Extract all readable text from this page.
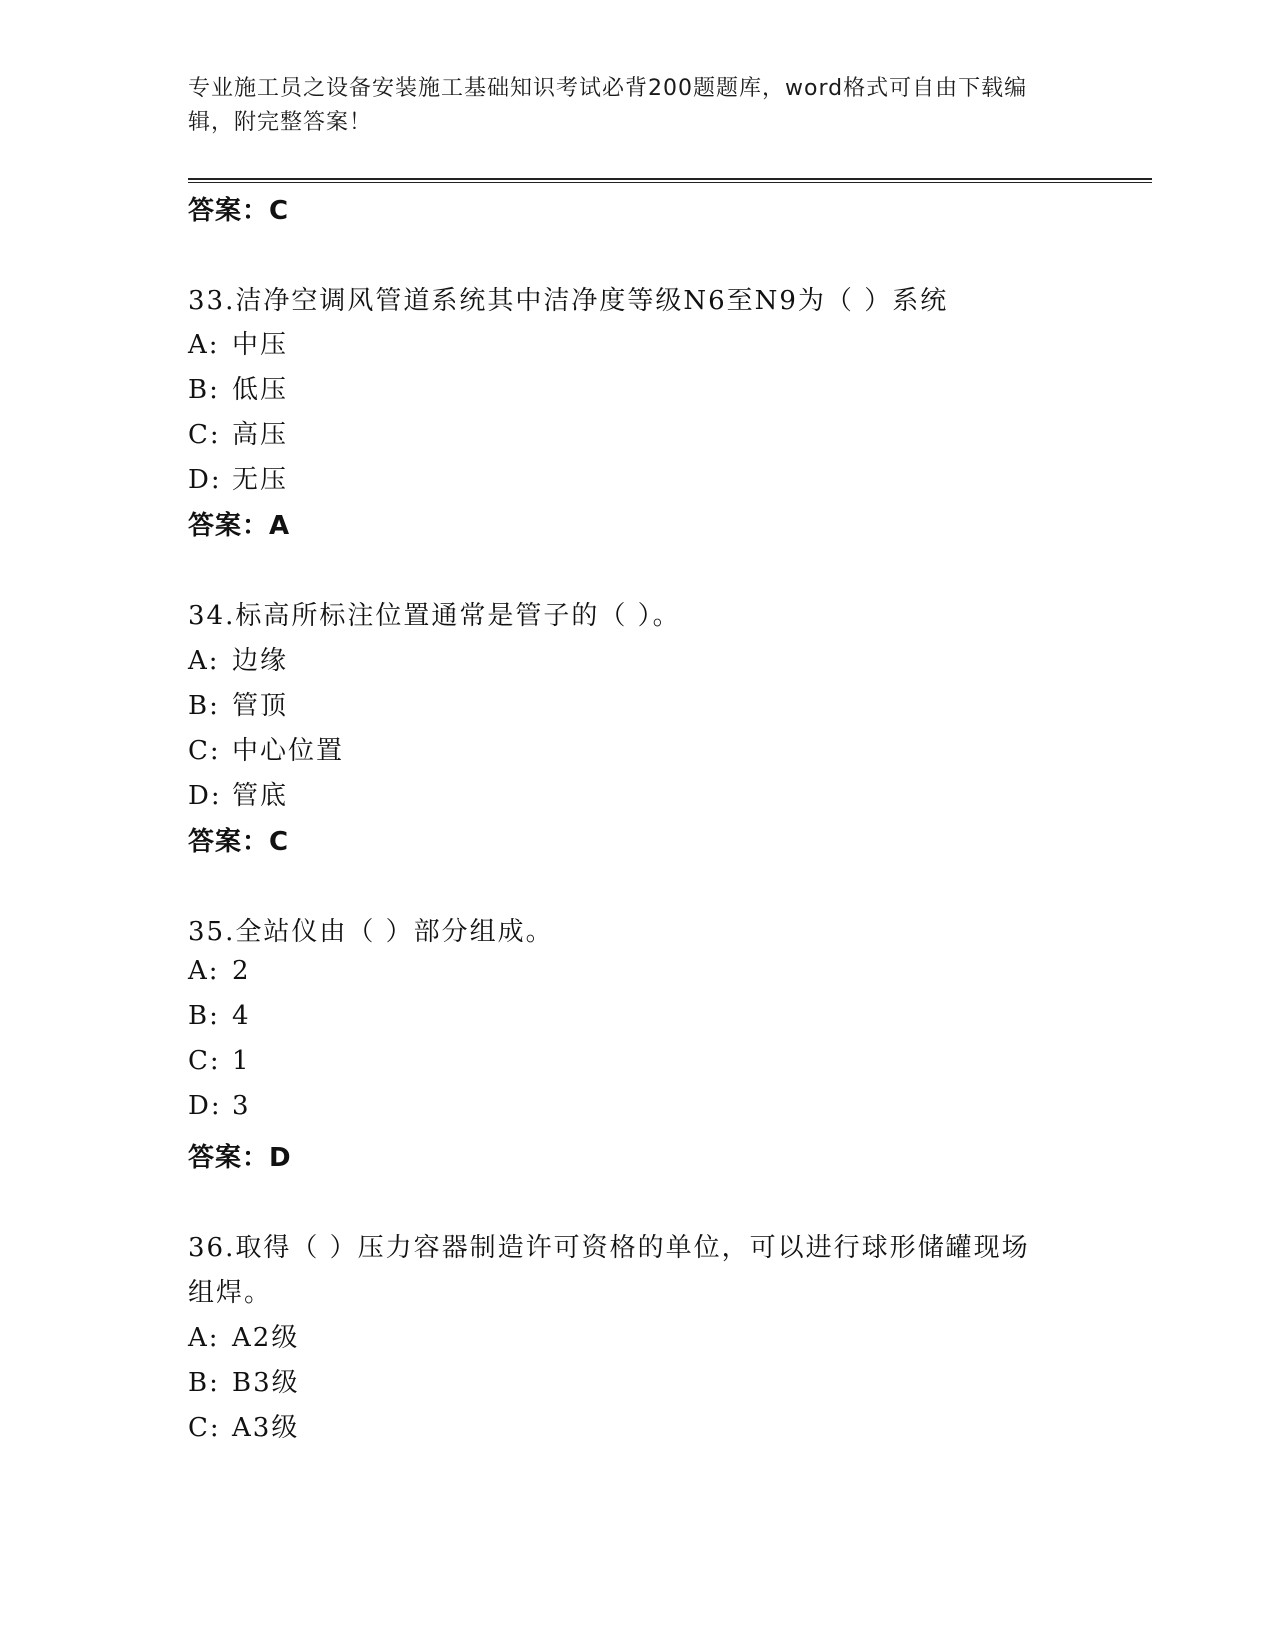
专业施工员之设备安装施工基础知识考试必背200题题库，word格式可自由下载编辑，附完整答案！
答案：C
33.洁净空调风管道系统其中洁净度等级N6至N9为（ ）系统
A: 中压
B: 低压
C: 高压
D: 无压
答案：A
34.标高所标注位置通常是管子的（ ）。
A: 边缘
B: 管顶
C: 中心位置
D: 管底
答案：C
35.全站仪由（ ）部分组成。
A: 2
B: 4
C: 1
D: 3
答案：D
36.取得（ ）压力容器制造许可资格的单位，可以进行球形储罐现场
组焊。
A: A2级
B: B3级
C: A3级
